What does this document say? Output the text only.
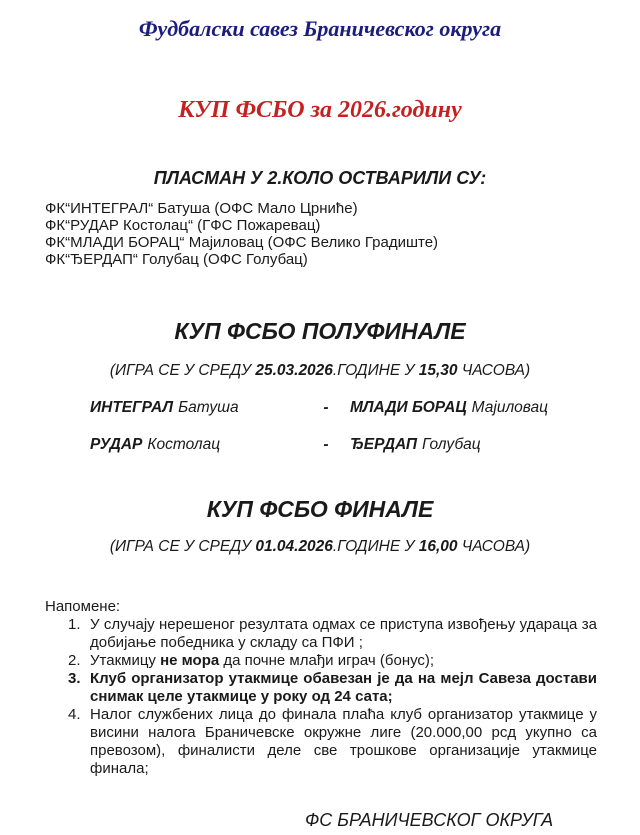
Фудбалски савез Браничевског округа
КУП ФСБО за 2026.годину
ПЛАСМАН У 2.КОЛО ОСТВАРИЛИ СУ:
ФК“ИНТЕГРАЛ“ Батуша (ОФС Мало Црниће)
ФК“РУДАР Костолац“ (ГФС Пожаревац)
ФК“МЛАДИ БОРАЦ“ Мајиловац (ОФС Велико Градиште)
ФК“ЂЕРДАП“ Голубац (ОФС Голубац)
КУП ФСБО ПОЛУФИНАЛЕ
(ИГРА СЕ У СРЕДУ 25.03.2026.ГОДИНЕ У 15,30 ЧАСОВА)
ИНТЕГРАЛ Батуша	-	МЛАДИ БОРАЦ Мајиловац
РУДАР Костолац	-	ЂЕРДАП Голубац
КУП ФСБО ФИНАЛЕ
(ИГРА СЕ У СРЕДУ 01.04.2026.ГОДИНЕ У 16,00 ЧАСОВА)
Напомене:
1. У случају нерешеног резултата одмах се приступа извођењу удараца за добијање победника у складу са ПФИ ;
2. Утакмицу не мора да почне млађи играч (бонус);
3. Клуб организатор утакмице обавезан је да на мејл Савеза достави снимак целе утакмице у року од 24 сата;
4. Налог службених лица до финала плаћа клуб организатор утакмице у висини налога Браничевске окружне лиге (20.000,00 рсд укупно са превозом), финалисти деле све трошкове организације утакмице финала;
ФС БРАНИЧЕВСКОГ ОКРУГА
